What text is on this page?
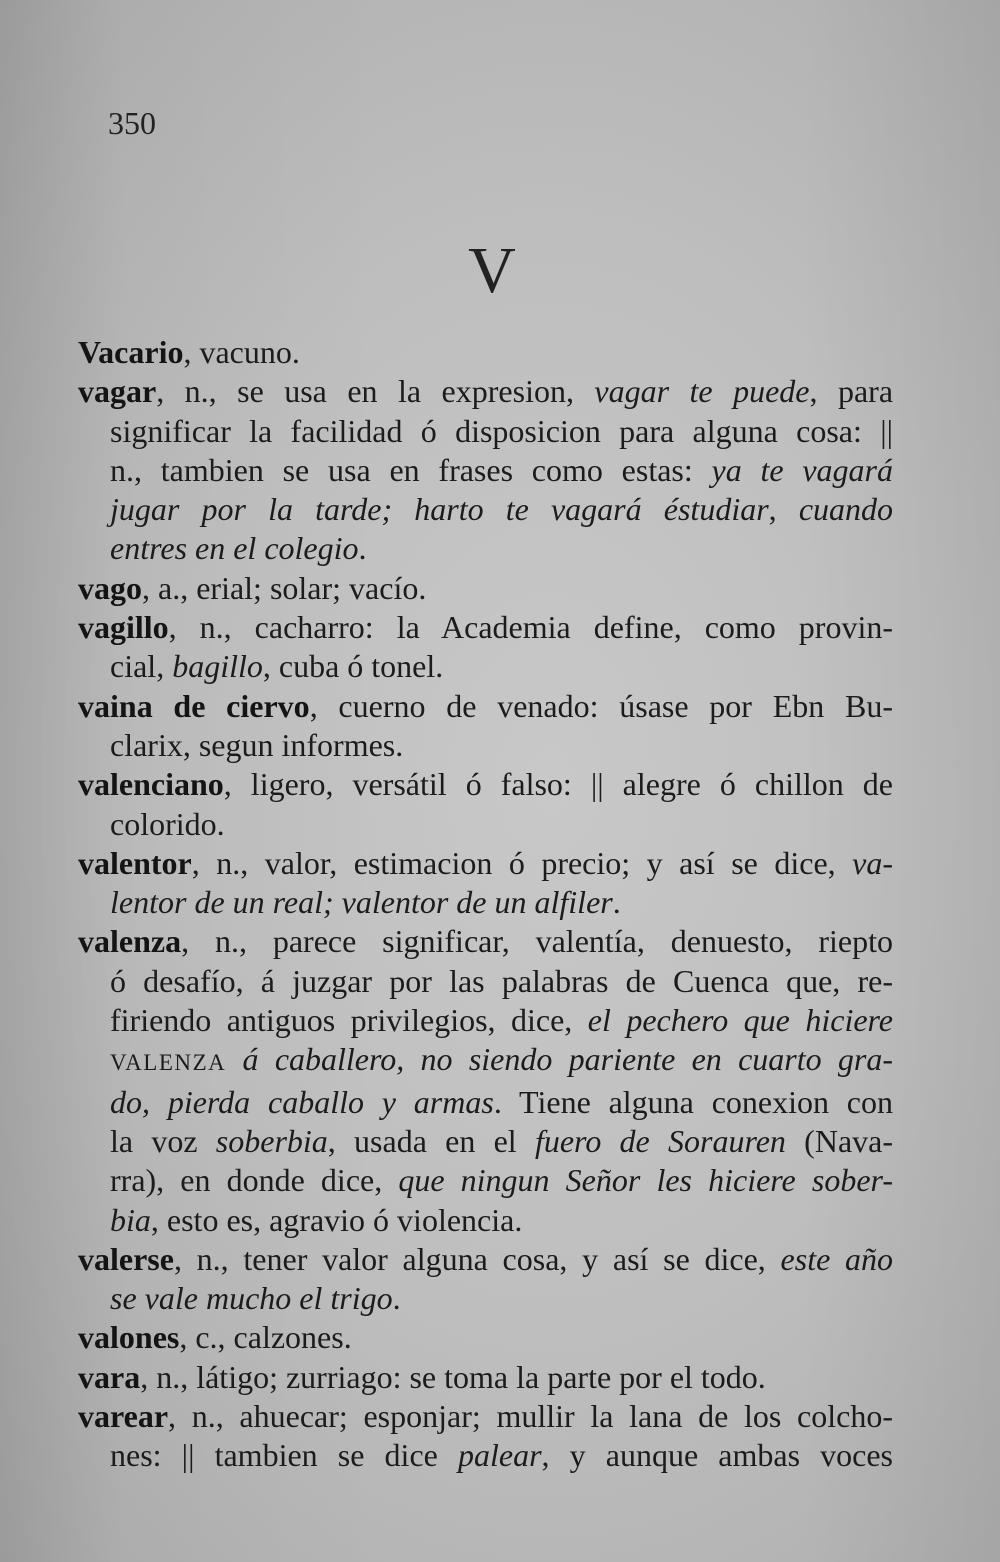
350
V
Vacario, vacuno.
vagar, n., se usa en la expresion, vagar te puede, para
significar la facilidad ó disposicion para alguna cosa: ||
n., tambien se usa en frases como estas: ya te vagará
jugar por la tarde; harto te vagará éstudiar, cuando
entres en el colegio.
vago, a., erial; solar; vacío.
vagillo, n., cacharro: la Academia define, como provin-
cial, bagillo, cuba ó tonel.
vaina de ciervo, cuerno de venado: úsase por Ebn Bu-
clarix, segun informes.
valenciano, ligero, versátil ó falso: || alegre ó chillon de
colorido.
valentor, n., valor, estimacion ó precio; y así se dice, va-
lentor de un real; valentor de un alfiler.
valenza, n., parece significar, valentía, denuesto, riepto
ó desafío, á juzgar por las palabras de Cuenca que, re-
firiendo antiguos privilegios, dice, el pechero que hiciere
VALENZA á caballero, no siendo pariente en cuarto gra-
do, pierda caballo y armas. Tiene alguna conexion con
la voz soberbia, usada en el fuero de Sorauren (Nava-
rra), en donde dice, que ningun Señor les hiciere sober-
bia, esto es, agravio ó violencia.
valerse, n., tener valor alguna cosa, y así se dice, este año
se vale mucho el trigo.
valones, c., calzones.
vara, n., látigo; zurriago: se toma la parte por el todo.
varear, n., ahuecar; esponjar; mullir la lana de los colcho-
nes: || tambien se dice palear, y aunque ambas voces
